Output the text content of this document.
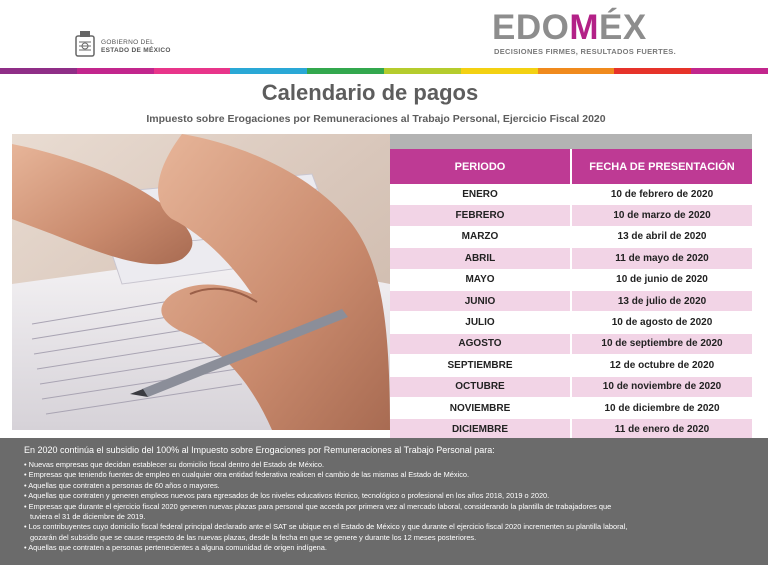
GOBIERNO DEL
ESTADO DE MÉXICO
EDOMÉX
DECISIONES FIRMES, RESULTADOS FUERTES.
Calendario de pagos
Impuesto sobre Erogaciones por Remuneraciones al Trabajo Personal, Ejercicio Fiscal 2020
PERIODO	FECHA DE PRESENTACIÓN
ENERO	10 de febrero de 2020
FEBRERO	10 de marzo de 2020
MARZO	13 de abril de 2020
ABRIL	11 de mayo de 2020
MAYO	10 de junio de 2020
JUNIO	13 de julio de 2020
JULIO	10 de agosto de 2020
AGOSTO	10 de septiembre de 2020
SEPTIEMBRE	12 de octubre de 2020
OCTUBRE	10 de noviembre de 2020
NOVIEMBRE	10 de diciembre de 2020
DICIEMBRE	11 de enero de 2020
En 2020 continúa el subsidio del 100% al Impuesto sobre Erogaciones por Remuneraciones al Trabajo Personal para:
• Nuevas empresas que decidan establecer su domicilio fiscal dentro del Estado de México.
• Empresas que teniendo fuentes de empleo en cualquier otra entidad federativa realicen el cambio de las mismas al Estado de México.
• Aquellas que contraten a personas de 60 años o mayores.
• Aquellas que contraten y generen empleos nuevos para egresados de los niveles educativos técnico, tecnológico o profesional en los años 2018, 2019 o 2020.
• Empresas que durante el ejercicio fiscal 2020 generen nuevas plazas para personal que acceda por primera vez al mercado laboral, considerando la plantilla de trabajadores que
tuviera el 31 de diciembre de 2019.
• Los contribuyentes cuyo domicilio fiscal federal principal declarado ante el SAT se ubique en el Estado de México y que durante el ejercicio fiscal 2020 incrementen su plantilla laboral,
gozarán del subsidio que se cause respecto de las nuevas plazas, desde la fecha en que se genere y durante los 12 meses posteriores.
• Aquellas que contraten a personas pertenecientes a alguna comunidad de origen indígena.
